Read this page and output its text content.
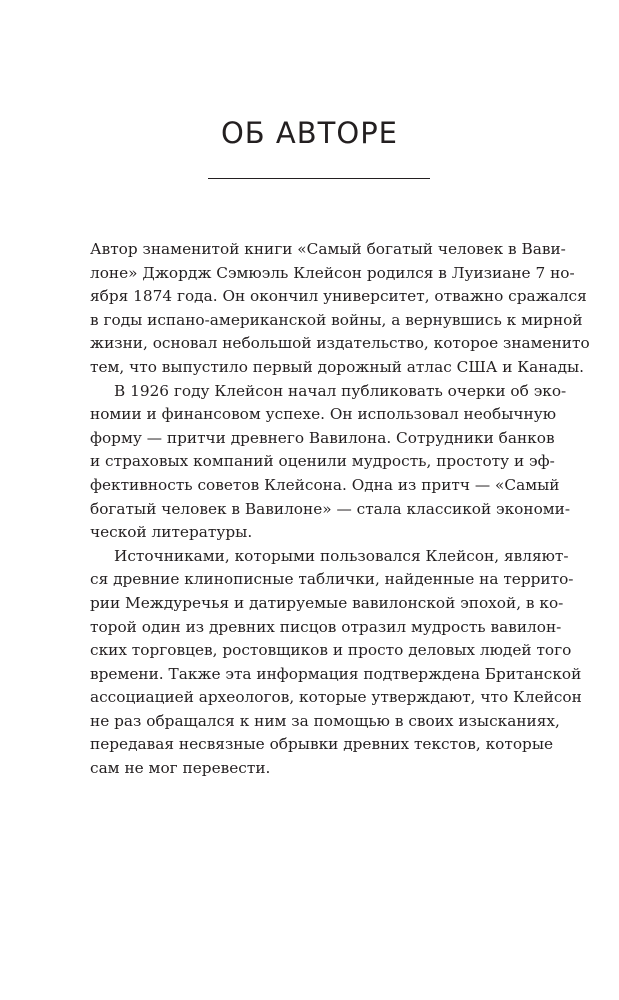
ОБ АВТОРЕ
Автор знаменитой книги «Самый богатый человек в Вави-
лоне» Джордж Сэмюэль Клейсон родился в Луизиане 7 но-
ября 1874 года. Он окончил университет, отважно сражался
в годы испано-американской войны, а вернувшись к мирной
жизни, основал небольшой издательство, которое знаменито
тем, что выпустило первый дорожный атлас США и Канады.
В 1926 году Клейсон начал публиковать очерки об эко-
номии и финансовом успехе. Он использовал необычную
форму — притчи древнего Вавилона. Сотрудники банков
и страховых компаний оценили мудрость, простоту и эф-
фективность советов Клейсона. Одна из притч — «Самый
богатый человек в Вавилоне» — стала классикой экономи-
ческой литературы.
Источниками, которыми пользовался Клейсон, являют-
ся древние клинописные таблички, найденные на террито-
рии Междуречья и датируемые вавилонской эпохой, в ко-
торой один из древних писцов отразил мудрость вавилон-
ских торговцев, ростовщиков и просто деловых людей того
времени. Также эта информация подтверждена Британской
ассоциацией археологов, которые утверждают, что Клейсон
не раз обращался к ним за помощью в своих изысканиях,
передавая несвязные обрывки древних текстов, которые
сам не мог перевести.
